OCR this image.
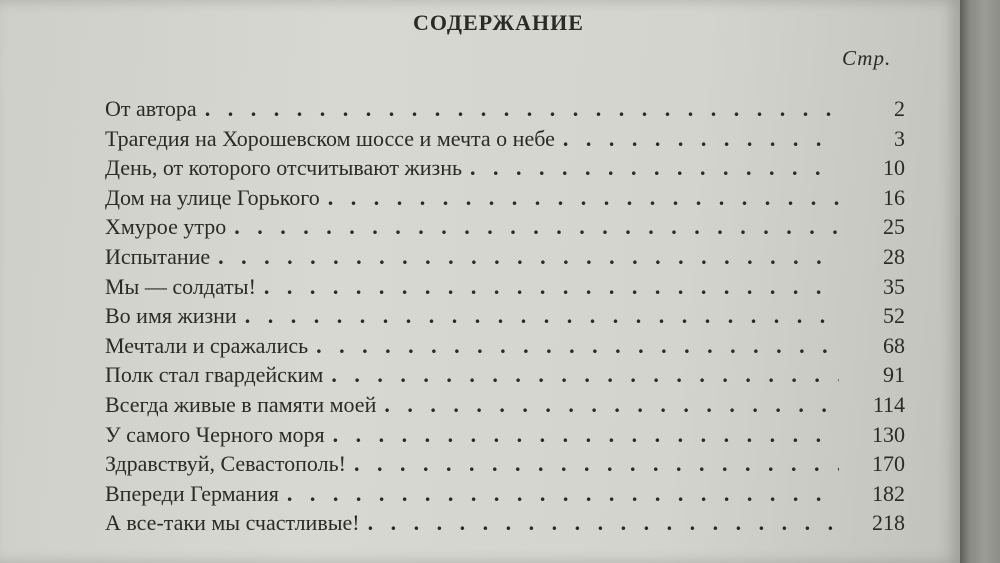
СОДЕРЖАНИЕ
Стр.
От автора . . .	2
Трагедия на Хорошевском шоссе и мечта о небе . . .	3
День, от которого отсчитывают жизнь . . .	10
Дом на улице Горького . . .	16
Хмурое утро . . .	25
Испытание . . .	28
Мы — солдаты! . . .	35
Во имя жизни . . .	52
Мечтали и сражались . . .	68
Полк стал гвардейским . . .	91
Всегда живые в памяти моей . . .	114
У самого Черного моря . . .	130
Здравствуй, Севастополь! . . .	170
Впереди Германия . . .	182
А все-таки мы счастливые! . . .	218
